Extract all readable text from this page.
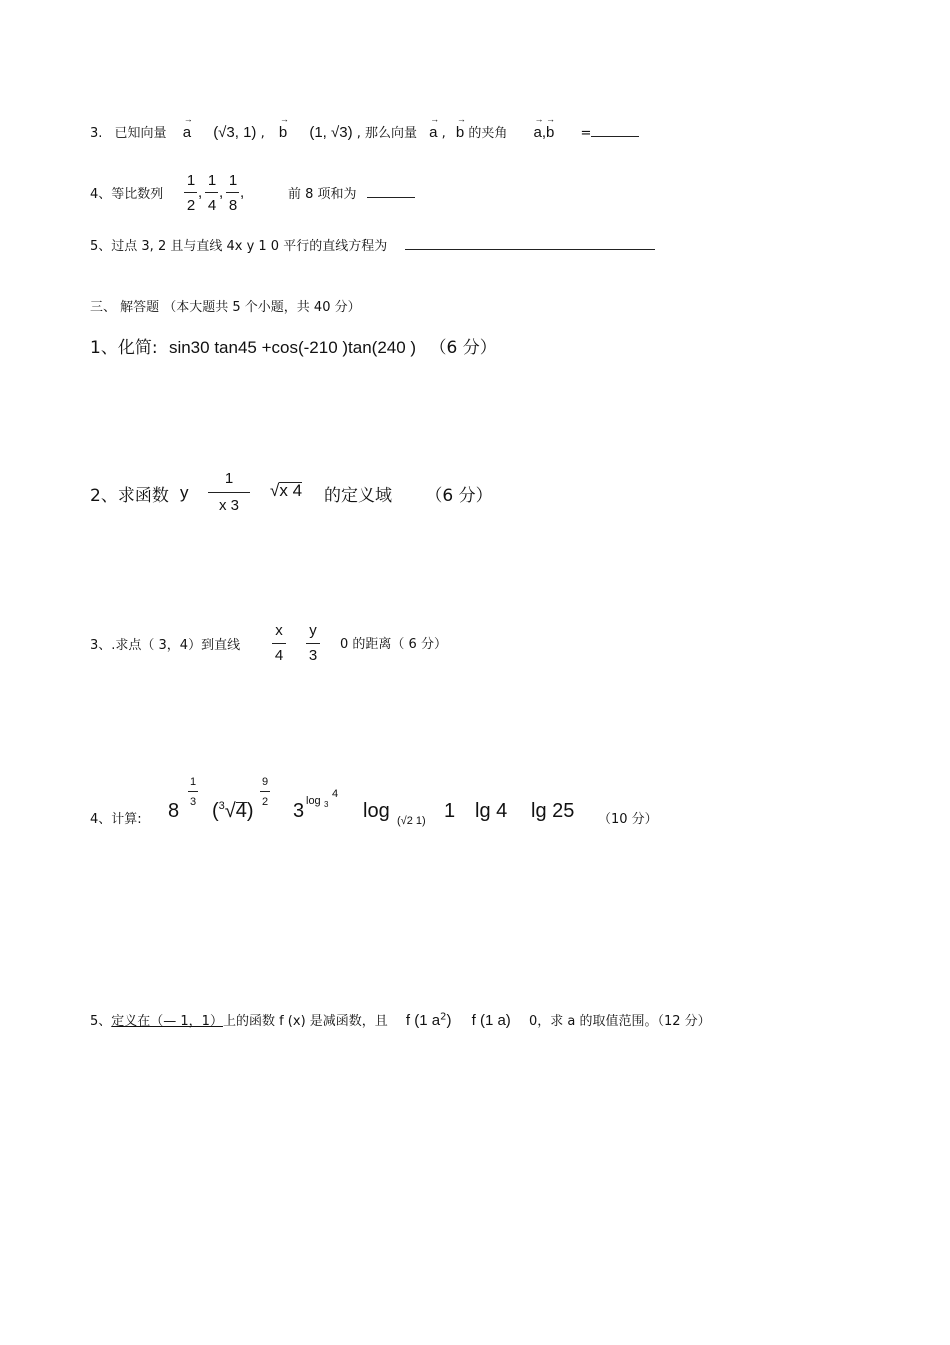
3. 已知向量
→
a (√3, 1) ,
→
b (1, √3) , 那么向量
→
a ,
→
b 的夹角
→ →
a,b =
4、等比数列
1
2
,
1
4
,
1
8
,	前 8 项和为
5、过点 3, 2 且与直线 4x y 1 0 平行的直线方程为
三、 解答题 （本大题共 5 个小题，共 40 分）
1、化简: sin30 tan45 +cos(-210 )tan(240 ) （6 分）
2、求函数 y
1
x 3
√x 4 的定义域 （6 分）
3、.求点（ 3，4）到直线
x
4
y
3
0 的距离（ 6 分）
4、计算: 8
1
3 ($^3$√4)
9
2 3 log 3
4
log (√2 1) 1 lg 4 lg 25 （10 分）
5、定义在（— 1，1）上的函数 f (x) 是减函数，且 f (1 $a^2$) f (1 a) 0，求 a 的取值范围。（12 分）
